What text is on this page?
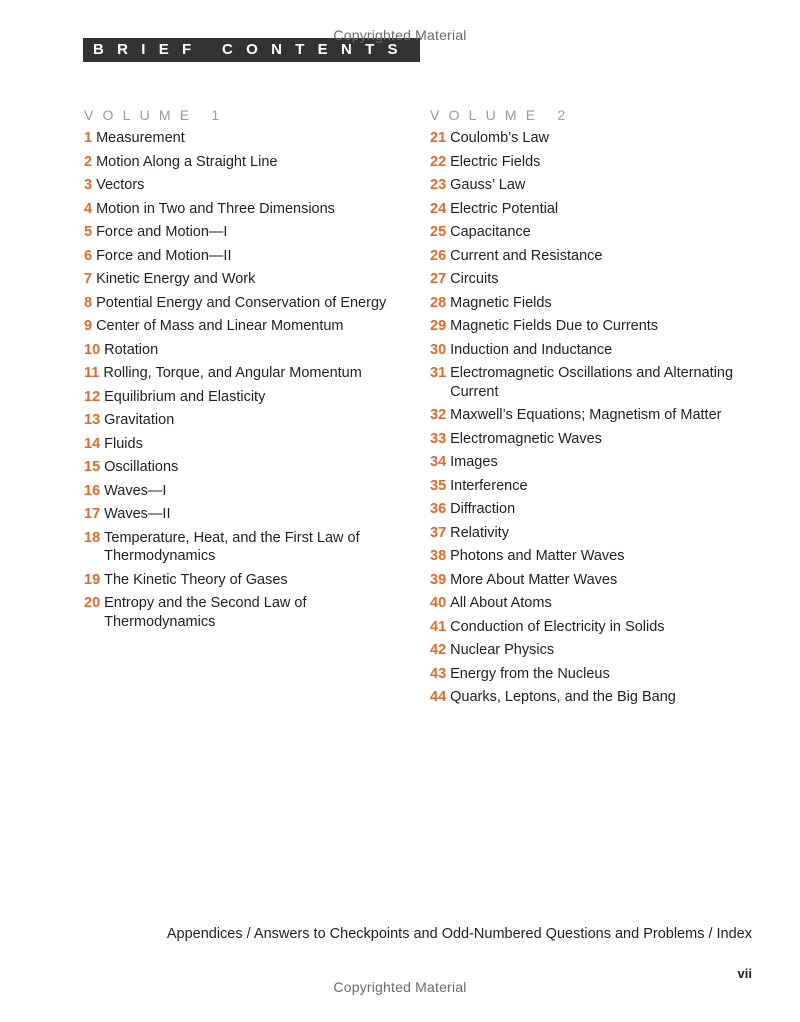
Copyrighted Material
BRIEF CONTENTS
VOLUME 1
1 Measurement
2 Motion Along a Straight Line
3 Vectors
4 Motion in Two and Three Dimensions
5 Force and Motion—I
6 Force and Motion—II
7 Kinetic Energy and Work
8 Potential Energy and Conservation of Energy
9 Center of Mass and Linear Momentum
10 Rotation
11 Rolling, Torque, and Angular Momentum
12 Equilibrium and Elasticity
13 Gravitation
14 Fluids
15 Oscillations
16 Waves—I
17 Waves—II
18 Temperature, Heat, and the First Law of Thermodynamics
19 The Kinetic Theory of Gases
20 Entropy and the Second Law of Thermodynamics
VOLUME 2
21 Coulomb’s Law
22 Electric Fields
23 Gauss’ Law
24 Electric Potential
25 Capacitance
26 Current and Resistance
27 Circuits
28 Magnetic Fields
29 Magnetic Fields Due to Currents
30 Induction and Inductance
31 Electromagnetic Oscillations and Alternating Current
32 Maxwell’s Equations; Magnetism of Matter
33 Electromagnetic Waves
34 Images
35 Interference
36 Diffraction
37 Relativity
38 Photons and Matter Waves
39 More About Matter Waves
40 All About Atoms
41 Conduction of Electricity in Solids
42 Nuclear Physics
43 Energy from the Nucleus
44 Quarks, Leptons, and the Big Bang
Appendices / Answers to Checkpoints and Odd-Numbered Questions and Problems / Index
vii
Copyrighted Material
